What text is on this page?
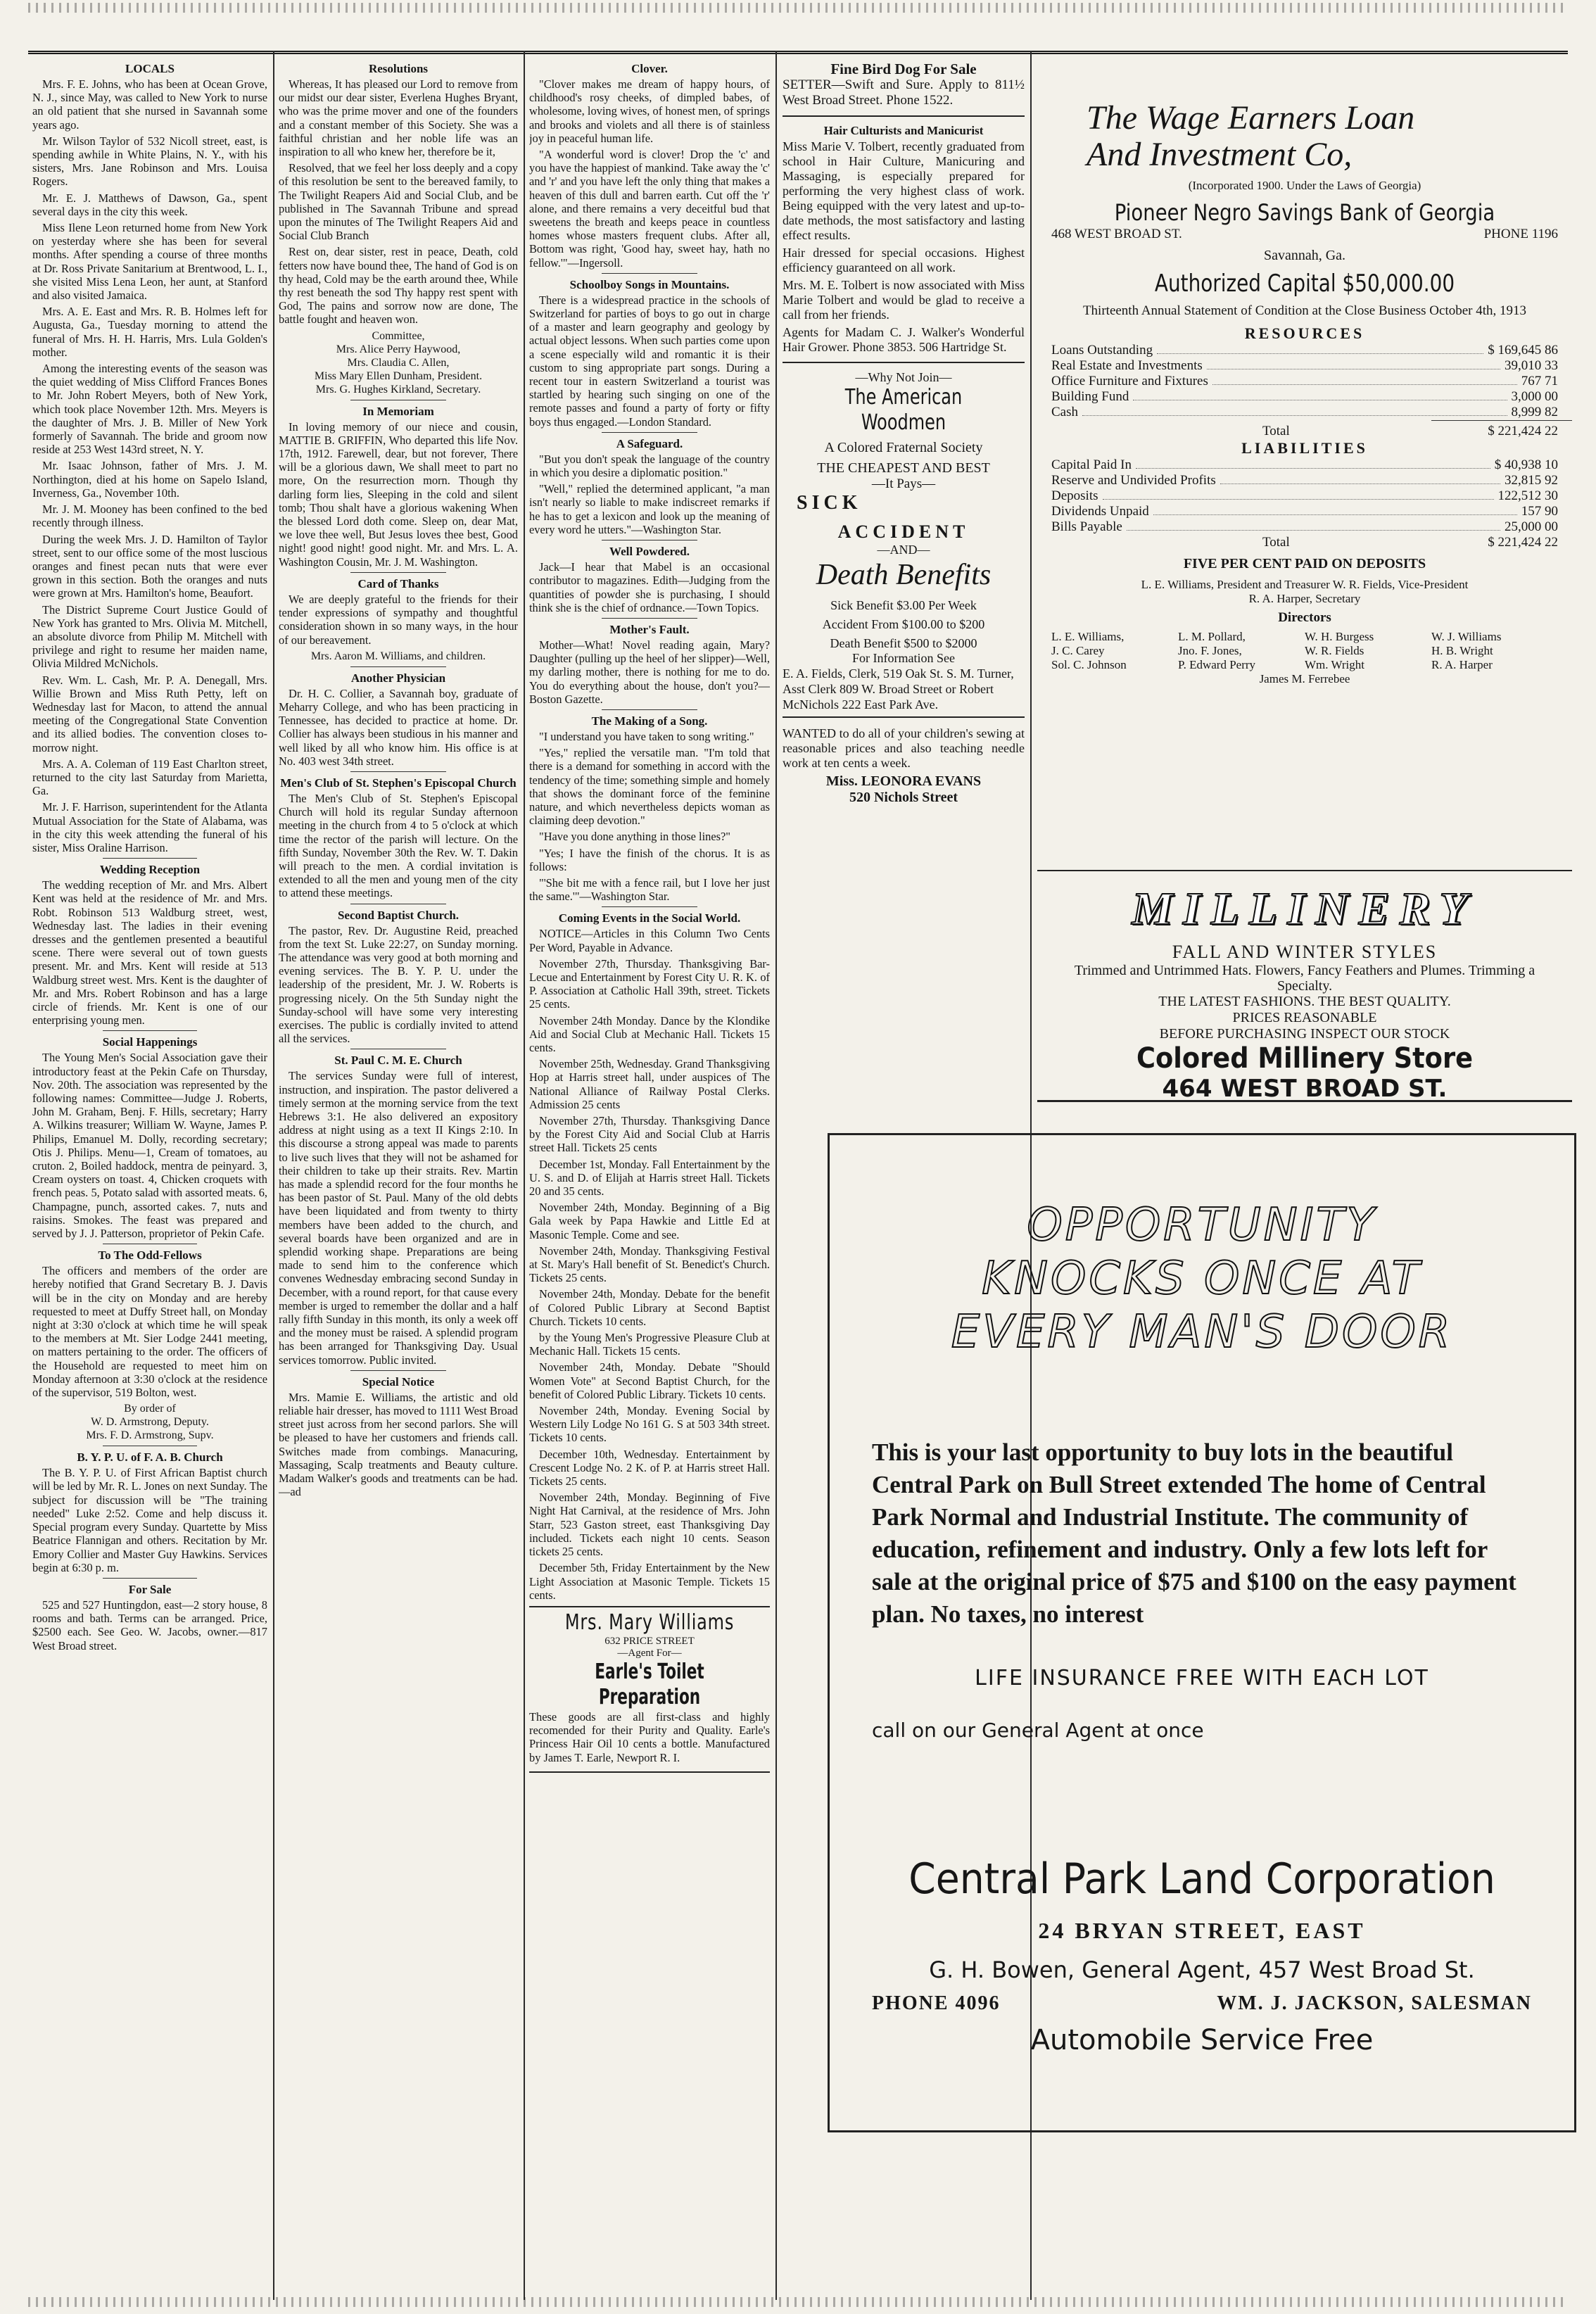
LOCALS
Mrs. F. E. Johns, who has been at Ocean Grove, N. J., since May, was called to New York to nurse an old patient that she nursed in Savannah some years ago.
Mr. Wilson Taylor of 532 Nicoll street, east, is spending awhile in White Plains, N. Y., with his sisters, Mrs. Jane Robinson and Mrs. Louisa Rogers.
Mr. E. J. Matthews of Dawson, Ga., spent several days in the city this week.
Miss Ilene Leon returned home from New York on yesterday where she has been for several months. After spending a course of three months at Dr. Ross Private Sanitarium at Brentwood, L. I., she visited Miss Lena Leon, her aunt, at Stanford and also visited Jamaica.
Mrs. A. E. East and Mrs. R. B. Holmes left for Augusta, Ga., Tuesday morning to attend the funeral of Mrs. H. H. Harris, Mrs. Lula Golden's mother.
Among the interesting events of the season was the quiet wedding of Miss Clifford Frances Bones to Mr. John Robert Meyers, both of New York, which took place November 12th. Mrs. Meyers is the daughter of Mrs. J. B. Miller of New York formerly of Savannah. The bride and groom now reside at 253 West 143rd street, N. Y.
Mr. Isaac Johnson, father of Mrs. J. M. Northington, died at his home on Sapelo Island, Inverness, Ga., November 10th.
Mr. J. M. Mooney has been confined to the bed recently through illness.
During the week Mrs. J. D. Hamilton of Taylor street, sent to our office some of the most luscious oranges and finest pecan nuts that were ever grown in this section. Both the oranges and nuts were grown at Mrs. Hamilton's home, Beaufort.
The District Supreme Court Justice Gould of New York has granted to Mrs. Olivia M. Mitchell, an absolute divorce from Philip M. Mitchell with privilege and right to resume her maiden name, Olivia Mildred McNichols.
Rev. Wm. L. Cash, Mr. P. A. Denegall, Mrs. Willie Brown and Miss Ruth Petty, left on Wednesday last for Macon, to attend the annual meeting of the Congregational State Convention and its allied bodies. The convention closes to-morrow night.
Mrs. A. A. Coleman of 119 East Charlton street, returned to the city last Saturday from Marietta, Ga.
Mr. J. F. Harrison, superintendent for the Atlanta Mutual Association for the State of Alabama, was in the city this week attending the funeral of his sister, Miss Oraline Harrison.
Wedding Reception
The wedding reception of Mr. and Mrs. Albert Kent was held at the residence of Mr. and Mrs. Robt. Robinson 513 Waldburg street, west, Wednesday last. The ladies in their evening dresses and the gentlemen presented a beautiful scene. There were several out of town guests present. Mr. and Mrs. Kent will reside at 513 Waldburg street west. Mrs. Kent is the daughter of Mr. and Mrs. Robert Robinson and has a large circle of friends. Mr. Kent is one of our enterprising young men.
Social Happenings
The Young Men's Social Association gave their introductory feast at the Pekin Cafe on Thursday, Nov. 20th. The association was represented by the following names: Committee—Judge J. Roberts, John M. Graham, Benj. F. Hills, secretary; Harry A. Wilkins treasurer; William W. Wayne, James P. Philips, Emanuel M. Dolly, recording secretary; Otis J. Philips. Menu—1, Cream of tomatoes, au cruton. 2, Boiled haddock, mentra de peinyard. 3, Cream oysters on toast. 4, Chicken croquets with french peas. 5, Potato salad with assorted meats. 6, Champagne, punch, assorted cakes. 7, nuts and raisins. Smokes. The feast was prepared and served by J. J. Patterson, proprietor of Pekin Cafe.
To The Odd-Fellows
The officers and members of the order are hereby notified that Grand Secretary B. J. Davis will be in the city on Monday and are hereby requested to meet at Duffy Street hall, on Monday night at 3:30 o'clock at which time he will speak to the members at Mt. Sier Lodge 2441 meeting, on matters pertaining to the order. The officers of the Household are requested to meet him on Monday afternoon at 3:30 o'clock at the residence of the supervisor, 519 Bolton, west.
By order of
W. D. Armstrong, Deputy.
Mrs. F. D. Armstrong, Supv.
B. Y. P. U. of F. A. B. Church
The B. Y. P. U. of First African Baptist church will be led by Mr. R. L. Jones on next Sunday. The subject for discussion will be "The training needed" Luke 2:52. Come and help discuss it. Special program every Sunday. Quartette by Miss Beatrice Flannigan and others. Recitation by Mr. Emory Collier and Master Guy Hawkins. Services begin at 6:30 p. m.
For Sale
525 and 527 Huntingdon, east—2 story house, 8 rooms and bath. Terms can be arranged. Price, $2500 each. See Geo. W. Jacobs, owner.—817 West Broad street.
Resolutions
Whereas, It has pleased our Lord to remove from our midst our dear sister, Everlena Hughes Bryant, who was the prime mover and one of the founders and a constant member of this Society. She was a faithful christian and her noble life was an inspiration to all who knew her, therefore be it,
Resolved, that we feel her loss deeply and a copy of this resolution be sent to the bereaved family, to The Twilight Reapers Aid and Social Club, and be published in The Savannah Tribune and spread upon the minutes of The Twilight Reapers Aid and Social Club Branch
Rest on, dear sister, rest in peace, Death, cold fetters now have bound thee, The hand of God is on thy head, Cold may be the earth around thee, While thy rest beneath the sod Thy happy rest spent with God, The pains and sorrow now are done, The battle fought and heaven won.
Committee,
Mrs. Alice Perry Haywood,
Mrs. Claudia C. Allen,
Miss Mary Ellen Dunham, President.
Mrs. G. Hughes Kirkland, Secretary.
In Memoriam
In loving memory of our niece and cousin, MATTIE B. GRIFFIN, Who departed this life Nov. 17th, 1912. Farewell, dear, but not forever, There will be a glorious dawn, We shall meet to part no more, On the resurrection morn. Though thy darling form lies, Sleeping in the cold and silent tomb; Thou shalt have a glorious wakening When the blessed Lord doth come. Sleep on, dear Mat, we love thee well, But Jesus loves thee best, Good night! good night! good night. Mr. and Mrs. L. A. Washington Cousin, Mr. J. M. Washington.
Card of Thanks
We are deeply grateful to the friends for their tender expressions of sympathy and thoughtful consideration shown in so many ways, in the hour of our bereavement.
Mrs. Aaron M. Williams, and children.
Another Physician
Dr. H. C. Collier, a Savannah boy, graduate of Meharry College, and who has been practicing in Tennessee, has decided to practice at home. Dr. Collier has always been studious in his manner and well liked by all who know him. His office is at No. 403 west 34th street.
Men's Club of St. Stephen's Episcopal Church
The Men's Club of St. Stephen's Episcopal Church will hold its regular Sunday afternoon meeting in the church from 4 to 5 o'clock at which time the rector of the parish will lecture. On the fifth Sunday, November 30th the Rev. W. T. Dakin will preach to the men. A cordial invitation is extended to all the men and young men of the city to attend these meetings.
Second Baptist Church.
The pastor, Rev. Dr. Augustine Reid, preached from the text St. Luke 22:27, on Sunday morning. The attendance was very good at both morning and evening services. The B. Y. P. U. under the leadership of the president, Mr. J. W. Roberts is progressing nicely. On the 5th Sunday night the Sunday-school will have some very interesting exercises. The public is cordially invited to attend all the services.
St. Paul C. M. E. Church
The services Sunday were full of interest, instruction, and inspiration. The pastor delivered a timely sermon at the morning service from the text Hebrews 3:1. He also delivered an expository address at night using as a text II Kings 2:10. In this discourse a strong appeal was made to parents to live such lives that they will not be ashamed for their children to take up their straits. Rev. Martin has made a splendid record for the four months he has been pastor of St. Paul. Many of the old debts have been liquidated and from twenty to thirty members have been added to the church, and several boards have been organized and are in splendid working shape. Preparations are being made to send him to the conference which convenes Wednesday embracing second Sunday in December, with a round report, for that cause every member is urged to remember the dollar and a half rally fifth Sunday in this month, its only a week off and the money must be raised. A splendid program has been arranged for Thanksgiving Day. Usual services tomorrow. Public invited.
Special Notice
Mrs. Mamie E. Williams, the artistic and old reliable hair dresser, has moved to 1111 West Broad street just across from her second parlors. She will be pleased to have her customers and friends call. Switches made from combings. Manacuring, Massaging, Scalp treatments and Beauty culture. Madam Walker's goods and treatments can be had.—ad
Clover.
"Clover makes me dream of happy hours, of childhood's rosy cheeks, of dimpled babes, of wholesome, loving wives, of honest men, of springs and brooks and violets and all there is of stainless joy in peaceful human life.
"A wonderful word is clover! Drop the 'c' and you have the happiest of mankind. Take away the 'c' and 'r' and you have left the only thing that makes a heaven of this dull and barren earth. Cut off the 'r' alone, and there remains a very deceitful bud that sweetens the breath and keeps peace in countless homes whose masters frequent clubs. After all, Bottom was right, 'Good hay, sweet hay, hath no fellow.'"—Ingersoll.
Schoolboy Songs in Mountains.
There is a widespread practice in the schools of Switzerland for parties of boys to go out in charge of a master and learn geography and geology by actual object lessons. When such parties come upon a scene especially wild and romantic it is their custom to sing appropriate part songs. During a recent tour in eastern Switzerland a tourist was startled by hearing such singing on one of the remote passes and found a party of forty or fifty boys thus engaged.—London Standard.
A Safeguard.
"But you don't speak the language of the country in which you desire a diplomatic position."
"Well," replied the determined applicant, "a man isn't nearly so liable to make indiscreet remarks if he has to get a lexicon and look up the meaning of every word he utters."—Washington Star.
Well Powdered.
Jack—I hear that Mabel is an occasional contributor to magazines. Edith—Judging from the quantities of powder she is purchasing, I should think she is the chief of ordnance.—Town Topics.
Mother's Fault.
Mother—What! Novel reading again, Mary? Daughter (pulling up the heel of her slipper)—Well, my darling mother, there is nothing for me to do. You do everything about the house, don't you?—Boston Gazette.
The Making of a Song.
"I understand you have taken to song writing."
"Yes," replied the versatile man. "I'm told that there is a demand for something in accord with the tendency of the time; something simple and homely that shows the dominant force of the feminine nature, and which nevertheless depicts woman as claiming deep devotion."
"Have you done anything in those lines?"
"Yes; I have the finish of the chorus. It is as follows:
"'She bit me with a fence rail, but I love her just the same.'"—Washington Star.
Coming Events in the Social World.
NOTICE—Articles in this Column Two Cents Per Word, Payable in Advance.
November 27th, Thursday. Thanksgiving Bar-Lecue and Entertainment by Forest City U. R. K. of P. Association at Catholic Hall 39th, street. Tickets 25 cents.
November 24th Monday. Dance by the Klondike Aid and Social Club at Mechanic Hall. Tickets 15 cents.
November 25th, Wednesday. Grand Thanksgiving Hop at Harris street hall, under auspices of The National Alliance of Railway Postal Clerks. Admission 25 cents
November 27th, Thursday. Thanksgiving Dance by the Forest City Aid and Social Club at Harris street Hall. Tickets 25 cents
December 1st, Monday. Fall Entertainment by the U. S. and D. of Elijah at Harris street Hall. Tickets 20 and 35 cents.
November 24th, Monday. Beginning of a Big Gala week by Papa Hawkie and Little Ed at Masonic Temple. Come and see.
November 24th, Monday. Thanksgiving Festival at St. Mary's Hall benefit of St. Benedict's Church. Tickets 25 cents.
November 24th, Monday. Debate for the benefit of Colored Public Library at Second Baptist Church. Tickets 10 cents.
by the Young Men's Progressive Pleasure Club at Mechanic Hall. Tickets 15 cents.
November 24th, Monday. Debate "Should Women Vote" at Second Baptist Church, for the benefit of Colored Public Library. Tickets 10 cents.
November 24th, Monday. Evening Social by Western Lily Lodge No 161 G. S at 503 34th street. Tickets 10 cents.
December 10th, Wednesday. Entertainment by Crescent Lodge No. 2 K. of P. at Harris street Hall. Tickets 25 cents.
November 24th, Monday. Beginning of Five Night Hat Carnival, at the residence of Mrs. John Starr, 523 Gaston street, east Thanksgiving Day included. Tickets each night 10 cents. Season tickets 25 cents.
December 5th, Friday Entertainment by the New Light Association at Masonic Temple. Tickets 15 cents.
Mrs. Mary Williams
632 PRICE STREET
—Agent For—
Earle's Toilet Preparation
These goods are all first-class and highly recomended for their Purity and Quality. Earle's Princess Hair Oil 10 cents a bottle. Manufactured by James T. Earle, Newport R. I.
Fine Bird Dog For Sale
SETTER—Swift and Sure. Apply to 811½ West Broad Street. Phone 1522.
Hair Culturists and Manicurist
Miss Marie V. Tolbert, recently graduated from school in Hair Culture, Manicuring and Massaging, is especially prepared for performing the very highest class of work. Being equipped with the very latest and up-to-date methods, the most satisfactory and lasting effect results.
Hair dressed for special occasions. Highest efficiency guaranteed on all work.
Mrs. M. E. Tolbert is now associated with Miss Marie Tolbert and would be glad to receive a call from her friends.
Agents for Madam C. J. Walker's Wonderful Hair Grower. Phone 3853. 506 Hartridge St.
—Why Not Join—
The American Woodmen
A Colored Fraternal Society
THE CHEAPEST AND BEST
—It Pays—
SICK
ACCIDENT
—AND—
Death Benefits
Sick Benefit $3.00 Per Week
Accident From $100.00 to $200
Death Benefit $500 to $2000
For Information See
E. A. Fields, Clerk, 519 Oak St. S. M. Turner, Asst Clerk 809 W. Broad Street or Robert McNichols 222 East Park Ave.
WANTED to do all of your children's sewing at reasonable prices and also teaching needle work at ten cents a week.
Miss. LEONORA EVANS
520 Nichols Street
The Wage Earners Loan
And Investment Co,
(Incorporated 1900. Under the Laws of Georgia)
Pioneer Negro Savings Bank of Georgia
468 WEST BROAD ST.	PHONE 1196
Savannah, Ga.
Authorized Capital $50,000.00
Thirteenth Annual Statement of Condition at the Close Business October 4th, 1913
RESOURCES
Loans Outstanding	$ 169,645 86
Real Estate and Investments	39,010 33
Office Furniture and Fixtures	767 71
Building Fund	3,000 00
Cash	8,999 82
Total	$ 221,424 22
LIABILITIES
Capital Paid In	$ 40,938 10
Reserve and Undivided Profits	32,815 92
Deposits	122,512 30
Dividends Unpaid	157 90
Bills Payable	25,000 00
Total	$ 221,424 22
FIVE PER CENT PAID ON DEPOSITS
L. E. Williams, President and Treasurer W. R. Fields, Vice-President
R. A. Harper, Secretary
Directors
L. E. Williams,	L. M. Pollard,	W. H. Burgess	W. J. Williams
J. C. Carey	Jno. F. Jones,	W. R. Fields	H. B. Wright
Sol. C. Johnson	P. Edward Perry	Wm. Wright	R. A. Harper
James M. Ferrebee
MILLINERY
FALL AND WINTER STYLES
Trimmed and Untrimmed Hats. Flowers, Fancy Feathers and Plumes. Trimming a Specialty.
THE LATEST FASHIONS. THE BEST QUALITY.
PRICES REASONABLE
BEFORE PURCHASING INSPECT OUR STOCK
Colored Millinery Store
464 WEST BROAD ST.
OPPORTUNITY
KNOCKS ONCE AT
EVERY MAN'S DOOR
This is your last opportunity to buy lots in the beautiful Central Park on Bull Street extended The home of Central Park Normal and Industrial Institute. The community of education, refinement and industry. Only a few lots left for sale at the original price of $75 and $100 on the easy payment plan. No taxes, no interest
LIFE INSURANCE FREE WITH EACH LOT
call on our General Agent at once
Central Park Land Corporation
24 BRYAN STREET, EAST
G. H. Bowen, General Agent, 457 West Broad St.
PHONE 4096	WM. J. JACKSON, SALESMAN
Automobile Service Free
